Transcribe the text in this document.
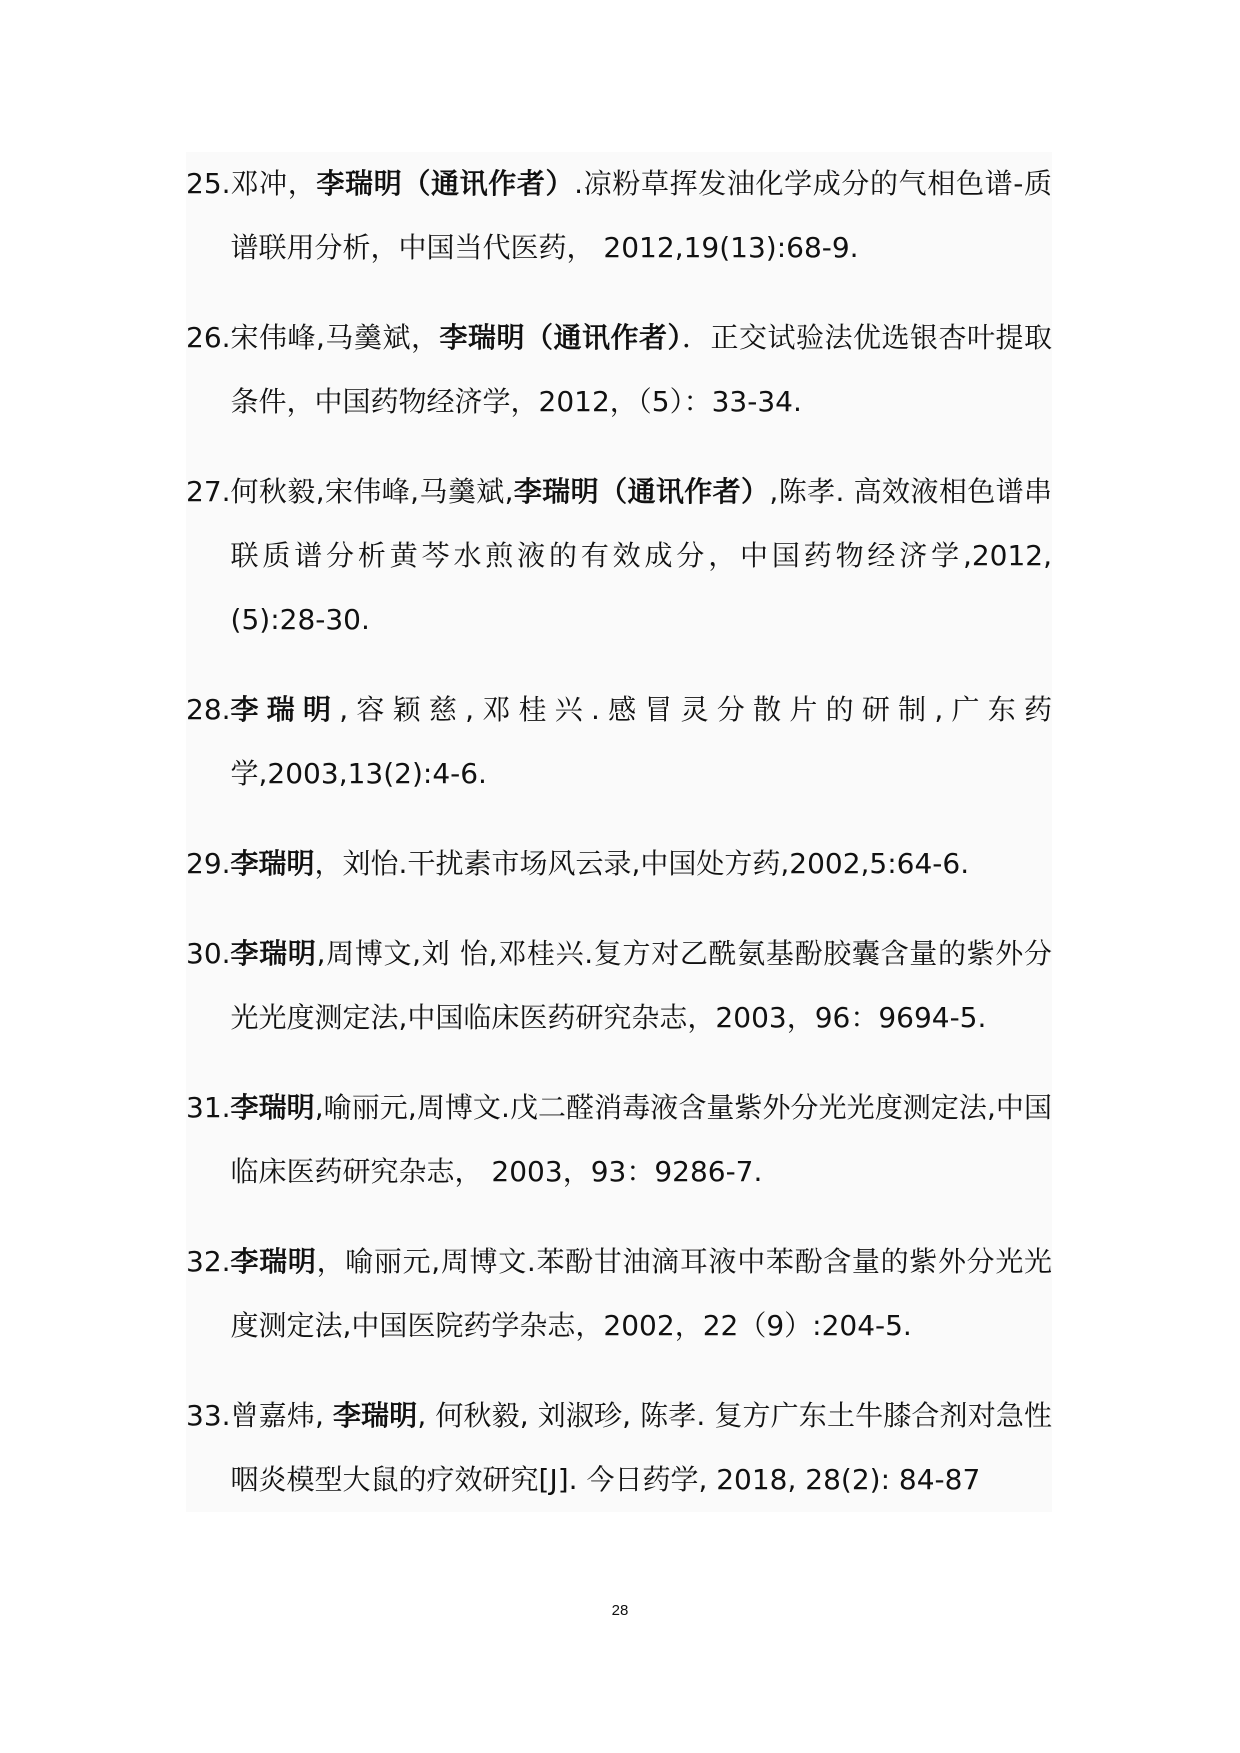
25. 邓冲，李瑞明（通讯作者）.凉粉草挥发油化学成分的气相色谱-质谱联用分析，中国当代医药， 2012,19(13):68-9.
26. 宋伟峰,马羹斌，李瑞明（通讯作者）．正交试验法优选银杏叶提取条件，中国药物经济学，2012，（5）：33-34.
27. 何秋毅,宋伟峰,马羹斌,李瑞明（通讯作者）,陈孝. 高效液相色谱串联质谱分析黄芩水煎液的有效成分，中国药物经济学,2012,(5):28-30.
28. 李瑞明,容颖慈,邓桂兴.感冒灵分散片的研制,广东药学,2003,13(2):4-6.
29. 李瑞明，刘怡.干扰素市场风云录,中国处方药,2002,5:64-6.
30. 李瑞明,周博文,刘 怡,邓桂兴.复方对乙酰氨基酚胶囊含量的紫外分光光度测定法,中国临床医药研究杂志，2003，96：9694-5.
31. 李瑞明,喻丽元,周博文.戊二醛消毒液含量紫外分光光度测定法,中国临床医药研究杂志， 2003，93：9286-7.
32. 李瑞明，喻丽元,周博文.苯酚甘油滴耳液中苯酚含量的紫外分光光度测定法,中国医院药学杂志，2002，22（9）:204-5.
33. 曾嘉炜, 李瑞明, 何秋毅, 刘淑珍, 陈孝. 复方广东土牛膝合剂对急性咽炎模型大鼠的疗效研究[J]. 今日药学, 2018, 28(2): 84-87
28
